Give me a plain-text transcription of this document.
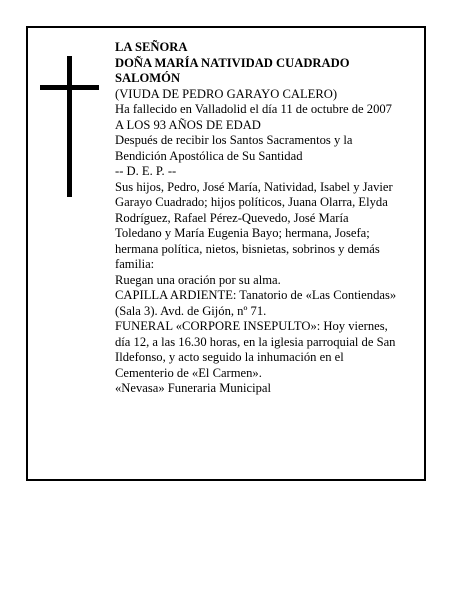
LA SEÑORA
DOÑA MARÍA NATIVIDAD CUADRADO
SALOMÓN
(VIUDA DE PEDRO GARAYO CALERO)
Ha fallecido en Valladolid el día 11 de octubre de 2007
A LOS 93 AÑOS DE EDAD
Después de recibir los Santos Sacramentos y la
Bendición Apostólica de Su Santidad
-- D. E. P. --
Sus hijos, Pedro, José María, Natividad, Isabel y Javier
Garayo Cuadrado; hijos políticos, Juana Olarra, Elyda
Rodríguez, Rafael Pérez-Quevedo, José María
Toledano y María Eugenia Bayo; hermana, Josefa;
hermana política, nietos, bisnietas, sobrinos y demás
familia:
Ruegan una oración por su alma.
CAPILLA ARDIENTE: Tanatorio de «Las Contiendas»
(Sala 3). Avd. de Gijón, nº 71.
FUNERAL «CORPORE INSEPULTO»: Hoy viernes,
día 12, a las 16.30 horas, en la iglesia parroquial de San
Ildefonso, y acto seguido la inhumación en el
Cementerio de «El Carmen».
«Nevasa» Funeraria Municipal
